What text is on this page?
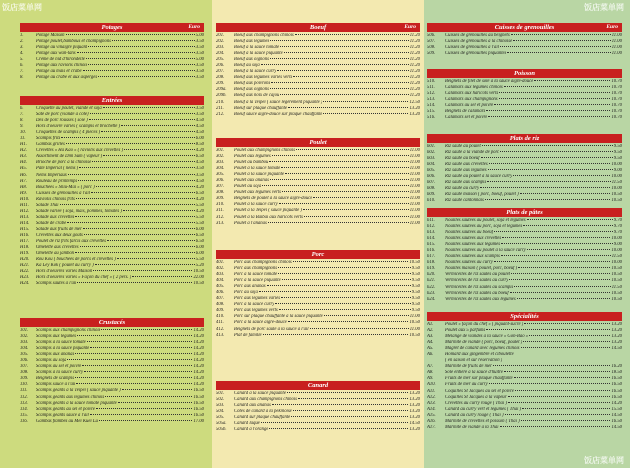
Potages	Euro
1.	Potage Maison	5.00
2.	Potage poulet,bambous et champignons	3.50
3.	Potage au vinaigre piquant	3.50
4.	Potage aux wan-tans	3.50
5.	Crème de nid d'hirondelle	5.00
6.	Potage aux raviolis chinois	3.50
7.	Potage au maïs et crabe	3.50
8.	Potage au crabe et aux asperges	3.50
Entrées
6.	Croquette au poulet, viande et soja	3.50
7.	Saté de porc (viande à côté)	3.50
8.	Dés de porc roussés ( soie )	4.50
9.	Hors d'oeuvre variés ( scampis et brochette )	4.50
10.	Croquettes de scampis ( 4 pièces )	4.50
11.	Scampis frits	6.00
H1.	Gambas grillés	8.50
H2.	Crevettes « Ha Kao » ( raviolis aux crevettes )	4.20
H3.	Assortiment de Dim Sum ( vapeur )	6.50
H4.	Brioche de porc à la chinoise	4.50
H5.	Pâté Impérial ( nems )	3.50
H6.	Nems Impériaux	3.50
H7.	Rouleau de printemps	4.50
H8.	Bouchées « Shiu-Mai » ( porc )	4.20
H9.	Cuisses de grenouilles à l'ail	6.50
H10.	Raviolis chinois frits	4.20
H11.	Salade Thaï	5.50
H12.	Salade variée ( soja, maïs, pommes, tomates )	4.20
H13.	Salade aux crevettes	5.50
H14.	Salade de crabe	5.50
H15.	Salade aux fruits de mer	6.00
H16.	Crevettes aux deux goûts	6.50
H17.	Poulet de riz frits farcis aux crevettes	6.50
H18.	Omelette aux crevettes	6.00
H19.	Omelette au jambon	6.00
H20.	Rou Kou ( bouchées de porcs et crevettes )	5.50
H21.	Ka Ley Kok ( poulet au curry )	5.20
H22.	Hors d'oeuvres variés Maison	10.50
H23.	Hors d'oeuvres variés « Façon du chef » ( 2 pers. )	22.00
H24.	Scampis sautés à l'ail	10.50
Crustacés
101.	Scampis aux champignons chinois	14.20
102.	Scampis aux légumes	14.20
103.	Scampis à la sauce tomate	14.20
104.	Scampis à la sauce piquante	14.20
105.	Scampis aux ananas	14.20
106.	Scampis au soja	14.20
107.	Scampis au sel et poivre	14.20
108.	Scampis à la sauce curry	14.20
109.	Beignets de scampis	14.20
110.	Scampis sauce à l'ail	14.20
111.	Scampis géants à la Teïpei ( sauce piquante )	16.50
112.	Scampis géants aux légumes chinois	16.50
113.	Scampis géants à la sauce tomate piquante	16.50
114.	Scampis géants au sel et poivre	16.50
115.	Scampis géants sauce à l'ail	16.50
116.	Gambas flambés au Mei Kuei Lu	17.00
Boeuf	Euro
201.	Boeuf aux champignons chinois	11.20
202.	Boeuf aux légumes	11.20
203.	Boeuf à la sauce tomate	11.20
204.	Boeuf à la sauce piquante	11.20
205.	Boeuf aux oignons	11.20
206.	Boeuf au soja	11.20
207.	Boeuf à la sauce curry	11.20
208.	Boeuf aux légumes variés verts	11.20
209.	Boeuf aux poivrons	11.20
209a.	Boeuf aux oignons	11.20
209b.	Boeuf aux noix de cajou	11.20
210.	Boeuf à la Teïpei ( sauce légèrement piquante )	12.50
211.	Boeuf sur plaque chauffante	13.20
212.	Boeuf sauce aigre-douce sur plaque chauffante	13.20
Poulet
301.	Poulet aux champignons chinois	11.00
302.	Poulet aux légumes	11.00
303.	Poulet au bambou	11.00
304.	Poulet à la sauce tomate	11.00
305.	Poulet à la sauce piquante	11.00
306.	Poulet aux ananas	11.00
307.	Poulet au soja	11.00
308.	Poulet aux légumes verts	11.00
309.	Beignets de poulet à la sauce aigre-douce	11.00
310.	Poulet à la sauce curry	11.00
311.	Poulet à la Teïpei ( sauce piquante )	11.00
312.	Poulet à la Baïbaï aux haricots verts	11.00
313.	Poulet à l'ananas	11.00
Porc
401.	Porc aux champignons chinois	10.50
402.	Porc aux champignons	9.50
403.	Porc à la sauce tomate	9.50
404.	Porc à la sauce piquante	9.50
405.	Porc aux ananas	9.50
406.	Porc au soja	9.50
407.	Porc aux légumes variés	9.50
408.	Porc à la sauce curry	9.50
409.	Porc aux légumes verts	9.50
410.	Porc sur plaque chauffante à la sauce piquante	11.00
411.	Porc à la sauce aigre-douce	10.50
412.	Beignets de porc sauté à la sauce à l'ail	11.00
413.	Plat de famille	10.50
Canard
501.	Canard à la sauce piquante	13.20
502.	Canard aux champignons chinois	13.20
503.	Canard aux ananas	13.20
504.	Côtes de canard à la pékinoise	13.20
505.	Canard sur plaque chauffante	13.20
505a.	Canard laqué	14.50
505b.	Canard à l'orange	13.20
Cuisses de grenouilles	Euro
506.	Cuisses de grenouilles au beignets	11.00
507.	Cuisses de grenouilles à la chinoise	11.00
508.	Cuisses de grenouilles à l'ail	11.00
509.	Cuisses de grenouilles piquantes	11.00
Poisson
510.	Beignets de filet de sole à la sauce aigre-douce	10.70
511.	Calamars aux légumes chinois	10.70
512.	Calamars aux haricots verts	10.70
513.	Calamars aux champignons	10.70
514.	Calamars au sel et poivre	10.70
515.	Beignets de calamars	10.70
516.	Calamars sel et poivre	10.70
Plats de riz
601.	Riz sauté au poulet	9.50
602.	Riz sauté à la viande de porc	9.50
603.	Riz sauté au boeuf	9.50
604.	Riz sauté aux crevettes	10.00
605.	Riz sauté aux légumes	9.00
606.	Riz sauté au poulet à la sauce curry	10.00
607.	Riz sauté aux scampis	11.50
608.	Riz sauté au curry	10.00
609.	Riz sauté maison ( porc, boeuf, poulet )	10.50
610.	Riz sauté cantonnais	10.50
Plats de pâtes
611.	Nouilles sautées au poulet, soja et légumes	9.70
612.	Nouilles sautées au porc, soja et légumes	9.70
613.	Nouilles sautées au boeuf	9.70
614.	Nouilles sautées aux crevettes	10.00
615.	Nouilles sautées aux légumes	9.00
616.	Nouilles sautées au poulet à la sauce curry	10.00
617.	Nouilles sautées aux scampis	11.50
618.	Nouilles sautées au curry	10.00
619.	Nouilles maison ( poulet, porc, boeuf )	10.50
620.	Vermicelles de riz sautés au poulet	10.50
621.	Vermicelles de riz sautés au curry	10.50
622.	Vermicelles de riz sautés au scampis	11.50
623.	Vermicelles de riz sautés au boeuf	10.50
624.	Vermicelles de riz sautés aux légumes	10.50
Spécialités
A1.	Poulet « façon du chef » ( piquant-sucré )	13.20
A2.	Poulet aux 5 parfums	13.20
A3.	Mélange de viandes à la sauce « Gon-Bao »	13.20
A4.	Marmite de viande ( porc, boeuf, poulet )	13.20
A5.	Magret de canard avec legumes chinois	14.50
A6.	Homard aux gingembre et ciboulette
( en saison et sur réservation )
A7.	Marmite de fruits de mer	16.20
A8.	Sole entière à la sauce d'huître	18.50
A9.	Fruits de mer sur plaque chauffante	16.50
A10.	Fruits de mer au curry	16.50
A11.	Coquilles St Jacques au sel et poivre	16.50
A12.	Coquilles St Jacques à la vapeur	16.50
A13.	Crevettes au curry rouge ( Thaï )	14.20
A14.	Canard au curry vert et légumes ( Thaï )	15.50
A15.	Canard au curry rouge ( Thaï )	14.50
A16.	Marmite de crevettes et poisson ( Thaï )	16.50
A17.	Marmite de viande à la Thaï	14.50
饭店菜单网	饭店菜单网
饭店菜单网
